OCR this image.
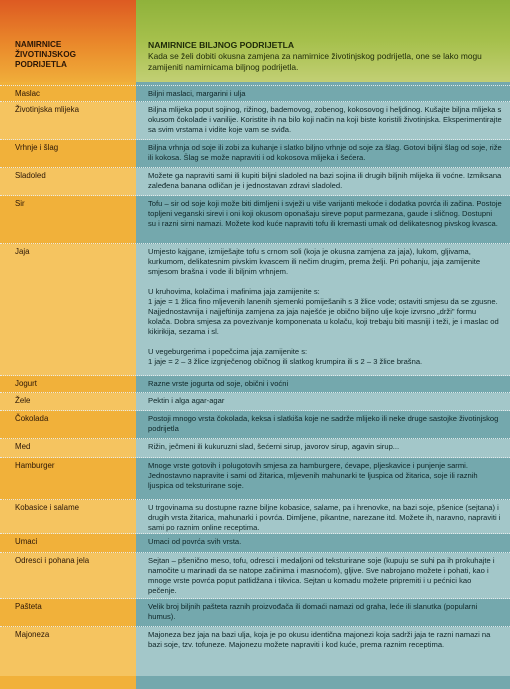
NAMIRNICE
ŽIVOTINJSKOG
PODRIJETLA
NAMIRNICE BILJNOG PODRIJETLA
Kada se želi dobiti okusna zamjena za namirnice životinjskog podrijetla, one se lako mogu zamijeniti namirnicama biljnog podrijetla.
Maslac	Biljni maslaci, margarini i ulja

Životinjska mlijeka	Biljna mlijeka poput sojinog, rižinog, bademovog, zobenog, kokosovog i heljdinog. Kušajte biljna mlijeka s okusom čokolade i vanilije. Koristite ih na bilo koji način na koji biste koristili životinjska. Eksperimentirajte sa svim vrstama i vidite koje vam se sviđa.

Vrhnje i šlag	Biljna vrhnja od soje ili zobi za kuhanje i slatko biljno vrhnje od soje za šlag. Gotovi biljni šlag od soje, riže ili kokosa. Šlag se može napraviti i od kokosova mlijeka i šećera.

Sladoled	Možete ga napraviti sami ili kupiti biljni sladoled na bazi sojina ili drugih biljnih mlijeka ili voćne. Izmiksana zaleđena banana odličan je i jednostavan zdravi sladoled.

Sir	Tofu – sir od soje koji može biti dimljeni i svježi u više varijanti mekoće i dodatka povrća ili začina. Postoje topljeni veganski sirevi i oni koji okusom oponašaju sireve poput parmezana, gaude i sličnog. Dostupni su i razni sirni namazi. Možete kod kuće napraviti tofu ili kremasti umak od delikatesnog pivskog kvasca.

Jaja	Umjesto kajgane, izmiješajte tofu s crnom soli (koja je okusna zamjena za jaja), lukom, gljivama, kurkumom, delikatesnim pivskim kvascem ili nečim drugim, prema želji. Pri pohanju, jaja zamijenite smjesom brašna i vode ili biljnim vrhnjem.

U kruhovima, kolačima i mafinima jaja zamijenite s:

1 jaje = 1 žlica fino mljevenih lanenih sjemenki pomiješanih s 3 žlice vode; ostaviti smjesu da se zgusne.

Najjednostavnija i najjeftinija zamjena za jaja naješće je običnо biljno ulje koje izvrsno „drži" formu kolača. Dobra smjesa za povezivanje komponenata u kolaču, koji trebaju biti masniji i teži, je i maslac od kikirikija, sezama i sl.

U vegeburgerima i popečcima jaja zamijenite s:

1 jaje = 2 – 3 žlice izgnječenog običnog ili slatkog krumpira ili s 2 – 3 žlice brašna.

Jogurt	Razne vrste jogurta od soje, obični i voćni

Želе	Pektin i alga agar-agar

Čokolada	Postoji mnogo vrsta čokolada, keksa i slatkiša koje ne sadrže mlijeko ili neke druge sastojke životinjskog podrijetla

Med	Rižin, ječmeni ili kukuruzni slad, šećerni sirup, javorov sirup, agavin sirup...

Hamburger	Mnoge vrste gotovih i polugotovih smjesa za hamburgere, ćevape, pljeskavice i punjenje sarmi. Jednostavno napravite i sami od žitarica, mljevenih mahunarki te ljuspica od žitarica, soje ili raznih ljuspica od teksturirane soje.

Kobasice i salame	U trgovinama su dostupne razne biljne kobasice, salame, pa i hrenovke, na bazi soje, pšenice (sejtana) i drugih vrsta žitarica, mahunarki i povrća. Dimljene, pikantne, narezane itd. Možete ih, naravno, napraviti i sami po raznim online receptima.

Umaci	Umaci od povrća svih vrsta.

Odresci i pohana jela	Sejtan – pšenično meso, tofu, odresci i medaljoni od teksturirane soje (kupuju se suhi pa ih prokuhajte i namočite u marinadi da se natope začinima i masnoćom), gljive. Sve nabrojano možete i pohati, kao i mnoge vrste povrća poput patlidžana i tikvica. Sejtan u komadu možete pripremiti i u pećnici kao pečenje.

Pašteta	Velik broj biljnih pašteta raznih proizvođača ili domaći namazi od graha, leće ili slanutka (popularni humus).

Majoneza	Majoneza bez jaja na bazi ulja, koja je po okusu identična majonezi koja sadrži jaja te razni namazi na bazi soje, tzv. tofuneze. Majonezu možete napraviti i kod kuće, prema raznim receptima.
